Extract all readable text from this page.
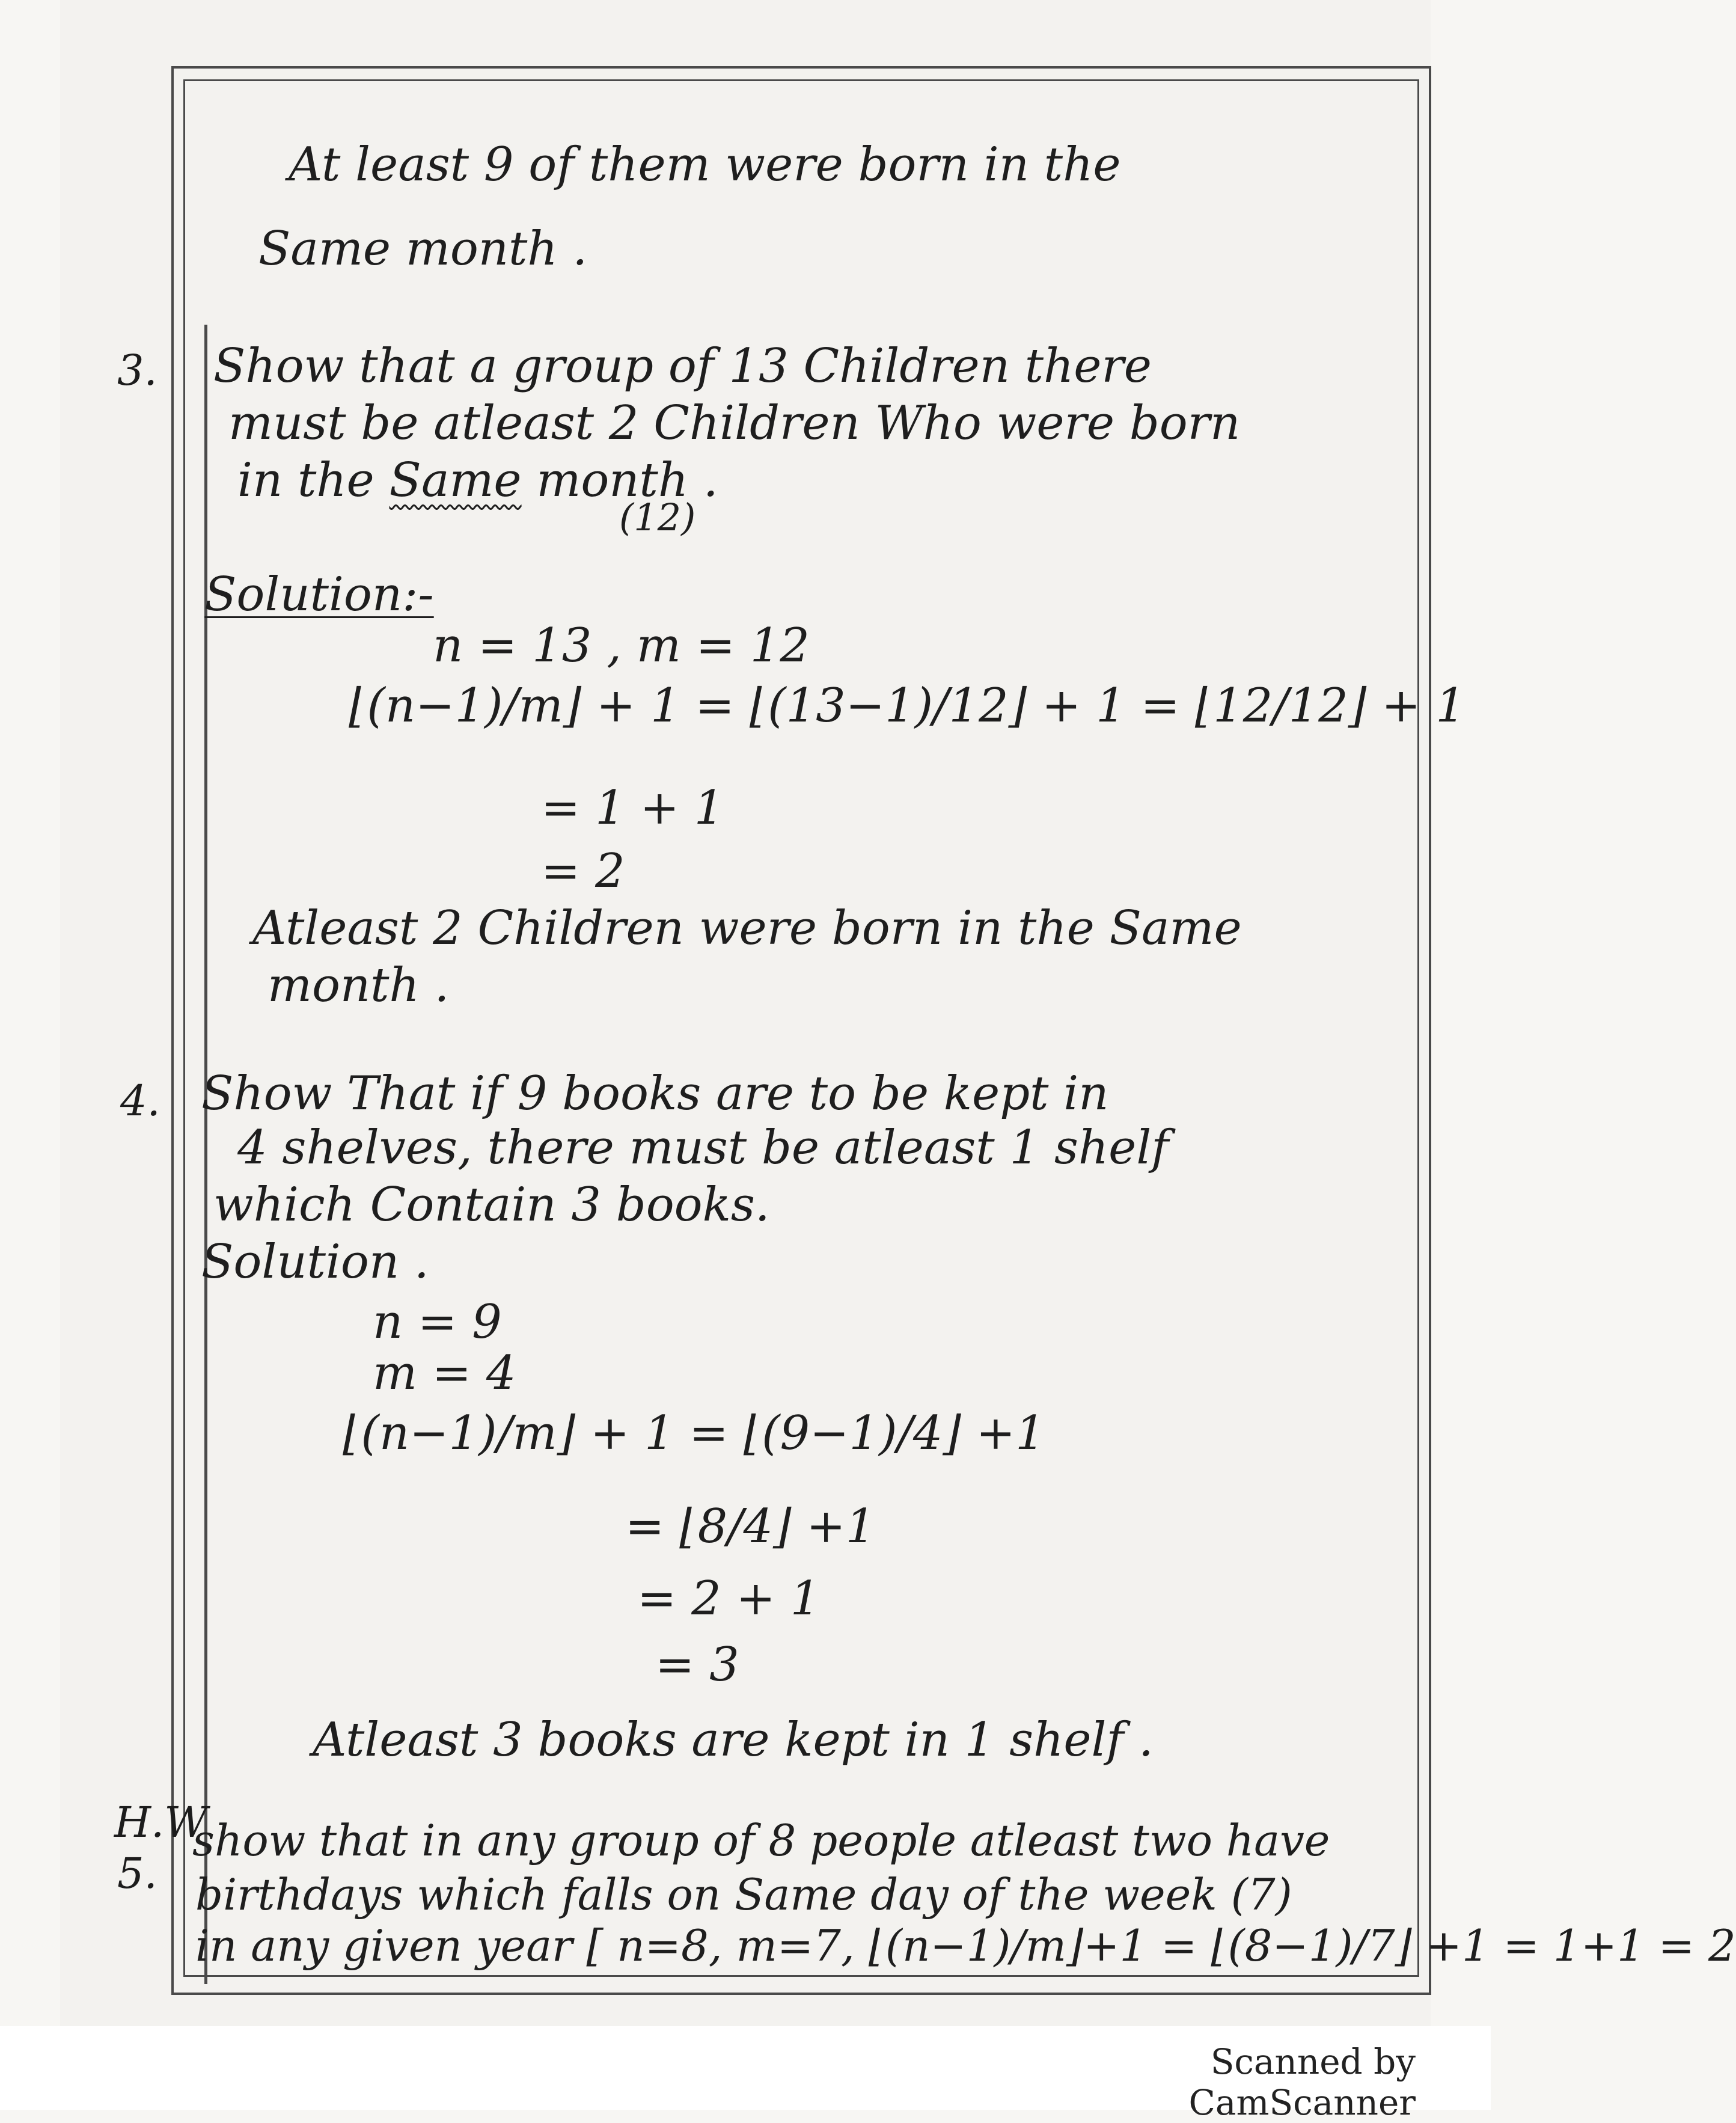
At least 9 of them were born in the
Same month .
3. Show that a group of 13 Children there
must be atleast 2 Children Who were born
in the Same month .
(12)
Solution:-
n = 13 , m = 12
⌊(n−1)/m⌋ + 1 = ⌊(13−1)/12⌋ + 1 = ⌊12/12⌋ + 1
= 1 + 1
= 2
Atleast 2 Children were born in the Same
month .
4. Show That if 9 books are to be kept in
4 shelves, there must be atleast 1 shelf
which Contain 3 books.
Solution .
n = 9
m = 4
⌊(n−1)/m⌋ + 1 = ⌊(9−1)/4⌋ +1
= ⌊8/4⌋ +1
= 2 + 1
= 3
Atleast 3 books are kept in 1 shelf .
H.W
5.
show that in any group of 8 people atleast two have
birthdays which falls on Same day of the week (7)
in any given year [ n=8, m=7, ⌊(n−1)/m⌋+1 = ⌊(8−1)/7⌋ +1 = 1+1 = 2
Scanned by CamScanner
